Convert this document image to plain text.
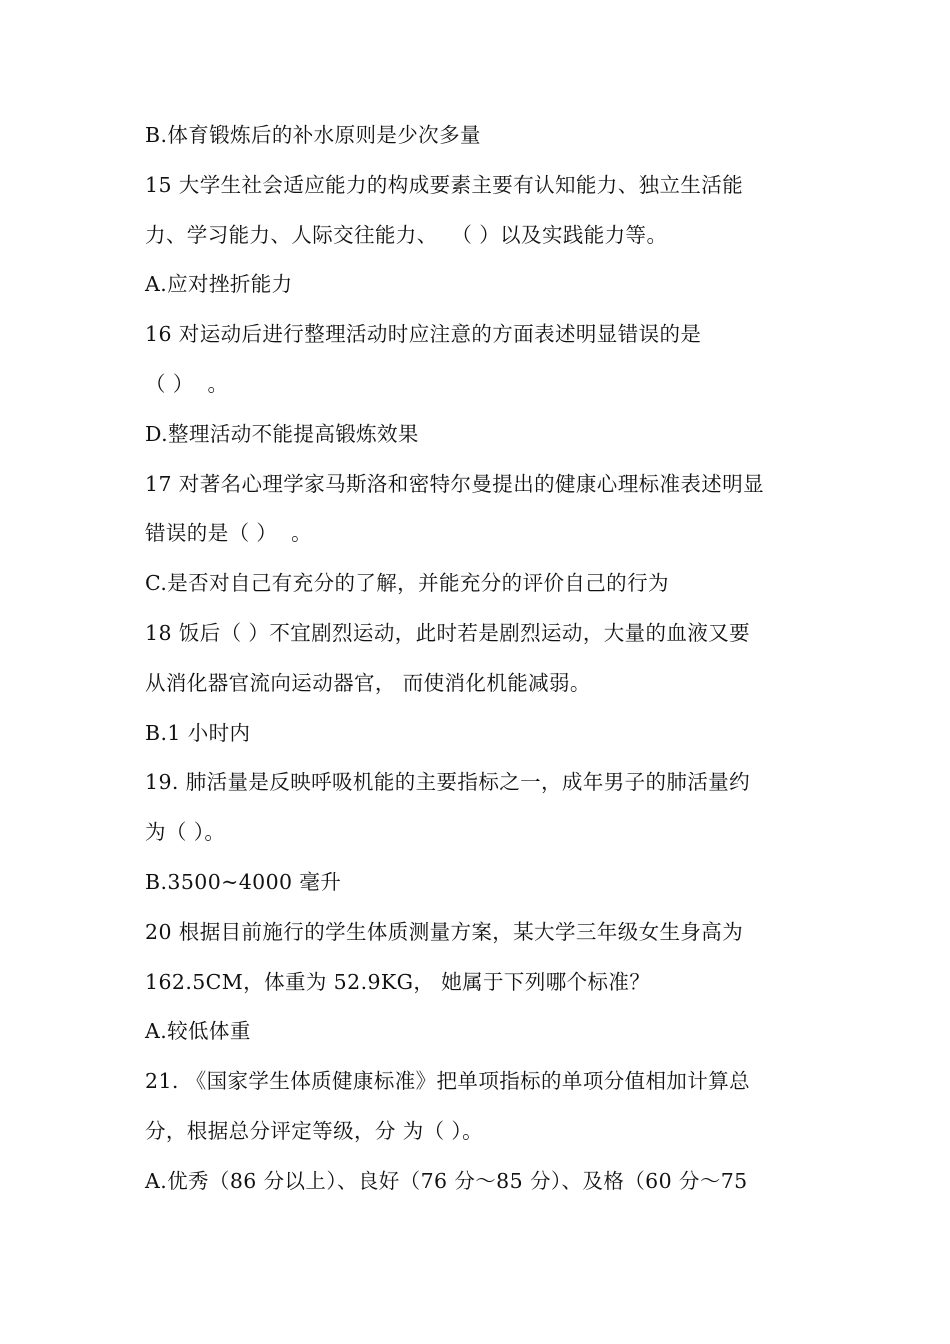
B.体育锻炼后的补水原则是少次多量
15 大学生社会适应能力的构成要素主要有认知能力、独立生活能
力、学习能力、人际交往能力、  （ ）以及实践能力等。
A.应对挫折能力
16 对运动后进行整理活动时应注意的方面表述明显错误的是
（ ）  。
D.整理活动不能提高锻炼效果
17 对著名心理学家马斯洛和密特尔曼提出的健康心理标准表述明显
错误的是（ ）  。
C.是否对自己有充分的了解，并能充分的评价自己的行为
18 饭后（ ）不宜剧烈运动，此时若是剧烈运动，大量的血液又要
从消化器官流向运动器官， 而使消化机能减弱。
B.1 小时内
19. 肺活量是反映呼吸机能的主要指标之一，成年男子的肺活量约
为（ ）。
B.3500~4000 毫升
20 根据目前施行的学生体质测量方案，某大学三年级女生身高为
162.5CM，体重为 52.9KG， 她属于下列哪个标准？
A.较低体重
21. 《国家学生体质健康标准》把单项指标的单项分值相加计算总
分，根据总分评定等级，分 为（ ）。
A.优秀（86 分以上）、良好（76 分～85 分）、及格（60 分～75
